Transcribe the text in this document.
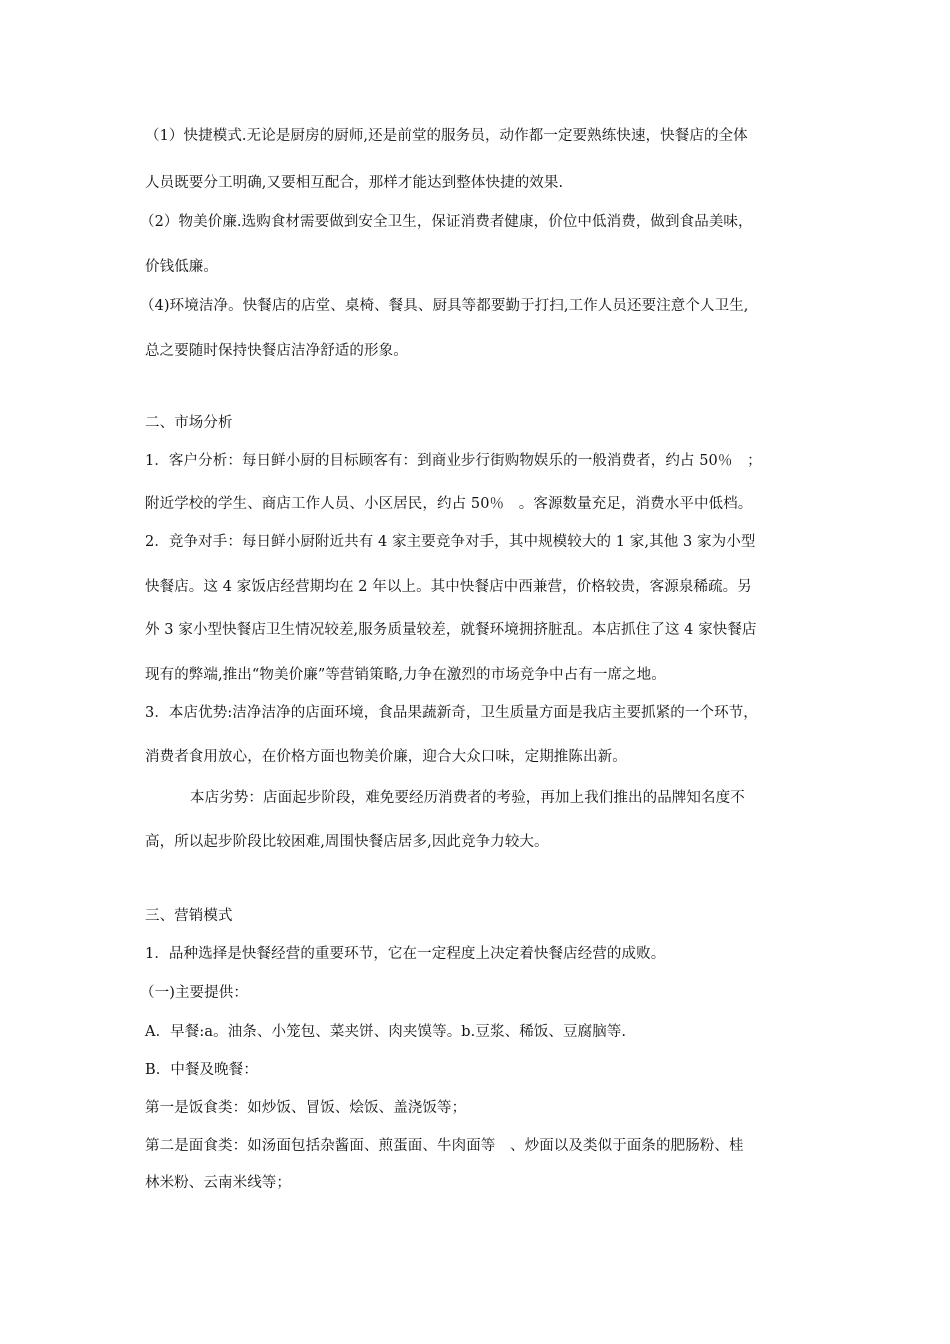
（1）快捷模式.无论是厨房的厨师,还是前堂的服务员，动作都一定要熟练快速，快餐店的全体
人员既要分工明确,又要相互配合，那样才能达到整体快捷的效果.
（2）物美价廉.选购食材需要做到安全卫生，保证消费者健康，价位中低消费，做到食品美味，
价钱低廉。
（4)环境洁净。快餐店的店堂、桌椅、餐具、厨具等都要勤于打扫,工作人员还要注意个人卫生,
总之要随时保持快餐店洁净舒适的形象。
二、市场分析
1．客户分析：每日鲜小厨的目标顾客有：到商业步行街购物娱乐的一般消费者，约占 50％　；
附近学校的学生、商店工作人员、小区居民，约占 50％　。客源数量充足，消费水平中低档。
2．竞争对手：每日鲜小厨附近共有 4 家主要竞争对手，其中规模较大的 1 家,其他 3 家为小型
快餐店。这 4 家饭店经营期均在 2 年以上。其中快餐店中西兼营，价格较贵，客源泉稀疏。另
外 3 家小型快餐店卫生情况较差,服务质量较差，就餐环境拥挤脏乱。本店抓住了这 4 家快餐店
现有的弊端,推出“物美价廉”等营销策略,力争在激烈的市场竞争中占有一席之地。
3．本店优势:洁净洁净的店面环境，食品果蔬新奇，卫生质量方面是我店主要抓紧的一个环节，
消费者食用放心，在价格方面也物美价廉，迎合大众口味，定期推陈出新。
本店劣势：店面起步阶段，难免要经历消费者的考验，再加上我们推出的品牌知名度不
高，所以起步阶段比较困难,周围快餐店居多,因此竞争力较大。
三、营销模式
1．品种选择是快餐经营的重要环节，它在一定程度上决定着快餐店经营的成败。
（一)主要提供：
A．早餐:a。油条、小笼包、菜夹饼、肉夹馍等。b.豆浆、稀饭、豆腐脑等.
B．中餐及晚餐：
第一是饭食类：如炒饭、冒饭、烩饭、盖浇饭等；
第二是面食类：如汤面包括杂酱面、煎蛋面、牛肉面等　、炒面以及类似于面条的肥肠粉、桂
林米粉、云南米线等；
